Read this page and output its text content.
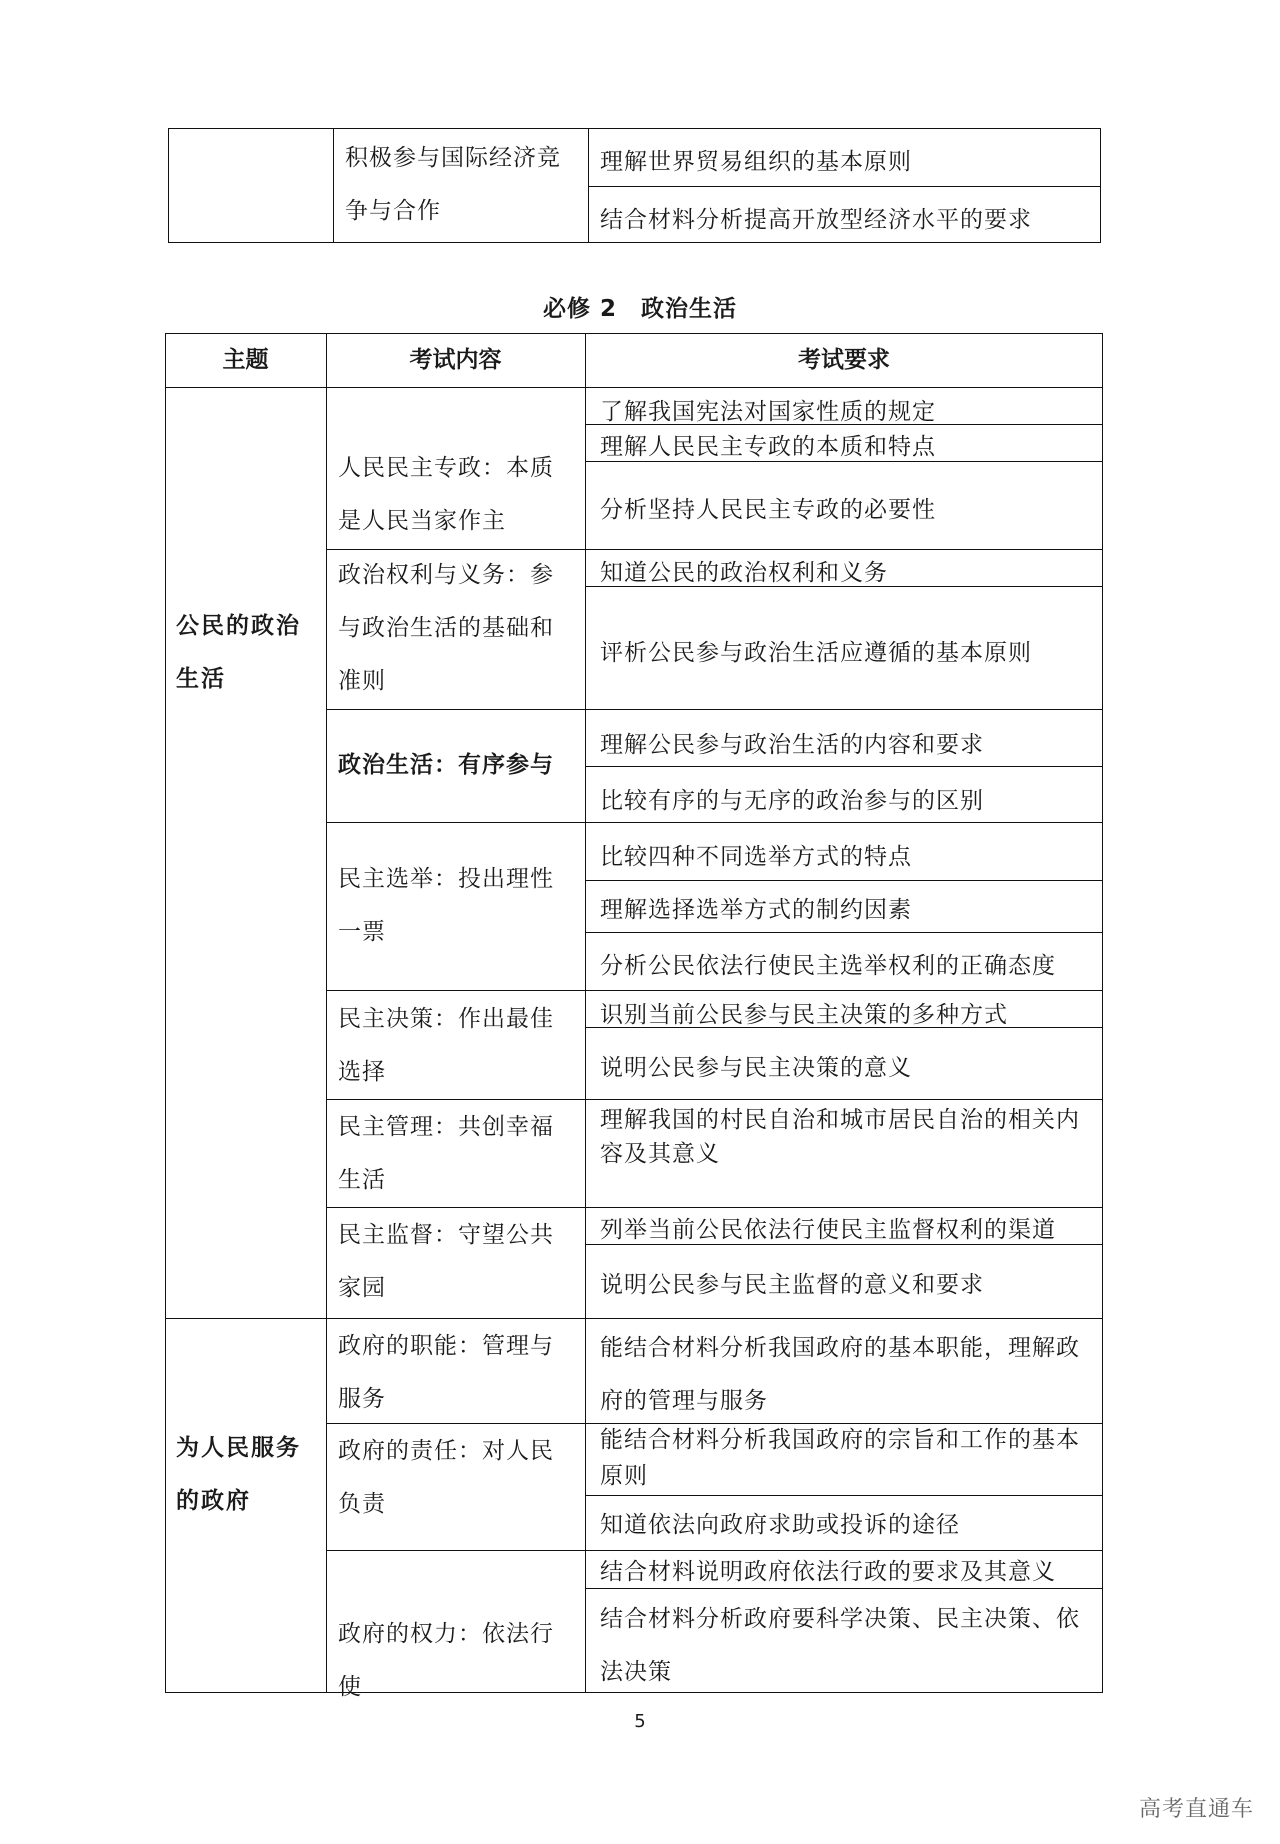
积极参与国际经济竞争与合作
理解世界贸易组织的基本原则
结合材料分析提高开放型经济水平的要求
必修 2　政治生活
主题	考试内容	考试要求
公民的政治生活
为人民服务的政府
人民民主专政：本质是人民当家作主
政治权利与义务：参与政治生活的基础和准则
政治生活：有序参与
民主选举：投出理性一票
民主决策：作出最佳选择
民主管理：共创幸福生活
民主监督：守望公共家园
政府的职能：管理与服务
政府的责任：对人民负责
政府的权力：依法行使
了解我国宪法对国家性质的规定
理解人民民主专政的本质和特点
分析坚持人民民主专政的必要性
知道公民的政治权利和义务
评析公民参与政治生活应遵循的基本原则
理解公民参与政治生活的内容和要求
比较有序的与无序的政治参与的区别
比较四种不同选举方式的特点
理解选择选举方式的制约因素
分析公民依法行使民主选举权利的正确态度
识别当前公民参与民主决策的多种方式
说明公民参与民主决策的意义
理解我国的村民自治和城市居民自治的相关内容及其意义
列举当前公民依法行使民主监督权利的渠道
说明公民参与民主监督的意义和要求
能结合材料分析我国政府的基本职能，理解政府的管理与服务
能结合材料分析我国政府的宗旨和工作的基本原则
知道依法向政府求助或投诉的途径
结合材料说明政府依法行政的要求及其意义
结合材料分析政府要科学决策、民主决策、依法决策
5
高考直通车
